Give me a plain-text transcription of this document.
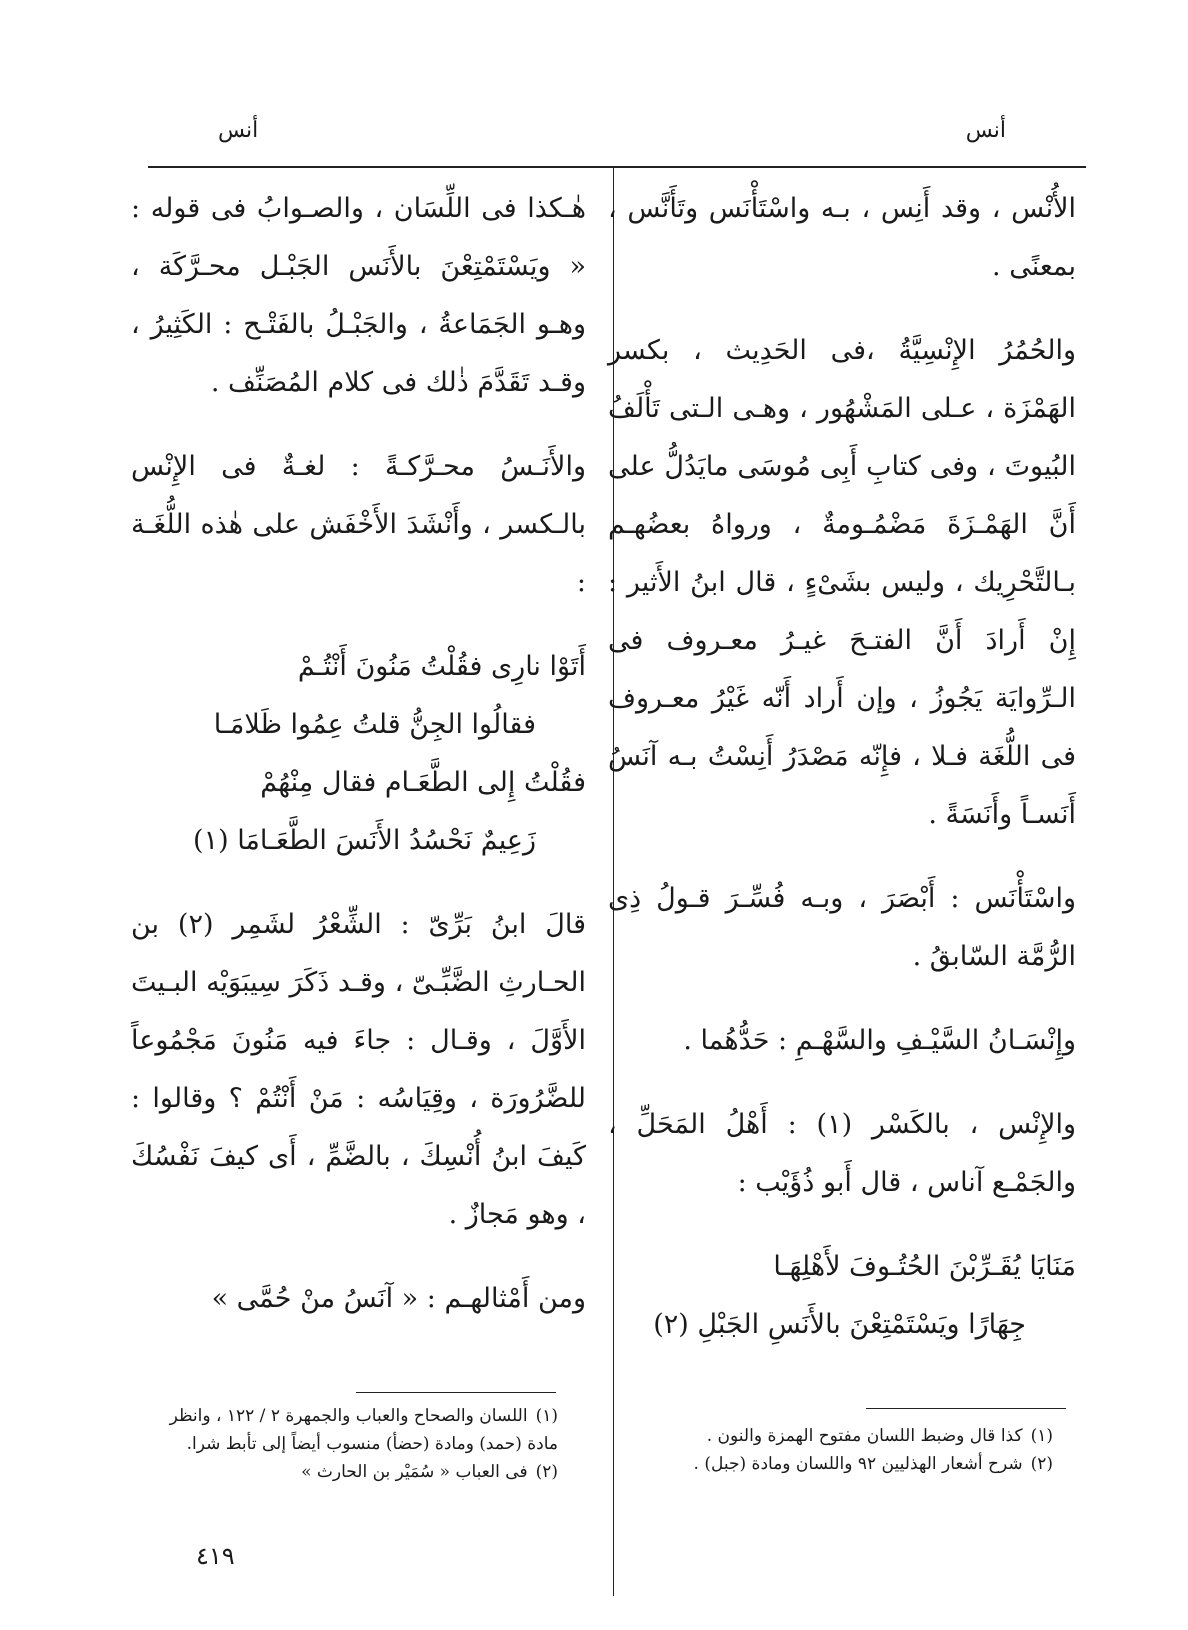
أنس
أنس

الأُنْس ، وقد أَنِس ، بـه واسْتَأْنَس وتَأَنَّس ، بمعنًى .

والحُمُرُ الإِنْسِيَّةُ ،فى الحَدِيث ، بكسر الهَمْزَة ، عـلى المَشْهُور ، وهـى الـتى تَأْلَفُ البُيوتَ ، وفى كتابِ أَبِى مُوسَى مايَدُلُّ على أَنَّ الهَمْـزَةَ مَضْمُـومةٌ ، ورواهُ بعضُهـم بـالتَّحْرِيك ، وليس بشَىْءٍ ، قال ابنُ الأَثير : إِنْ أَرادَ أَنَّ الفتـحَ غيـرُ معـروف فى الـرِّوايَة يَجُوزُ ، وإن أَراد أَنّه غَيْرُ معـروف فى اللُّغَة فـلا ، فإِنّه مَصْدَرُ أَنِسْتُ بـه آنَسُ أَنَسـاً وأَنَسَةً .

واسْتَأْنَس : أَبْصَرَ ، وبـه فُسِّـرَ قـولُ ذِى الرُّمَّة السّابقُ .

وإِنْسَـانُ السَّيْـفِ والسَّهْـمِ : حَدُّهُما .

والإِنْس ، بالكَسْر (١) : أَهْلُ المَحَلِّ ، والجَمْـع آناس ، قال أَبو ذُؤَيْب :

مَنَايَا يُقَـرِّبْنَ الحُتُـوفَ لأَهْلِهَـا
جِهَارًا ويَسْتَمْتِعْنَ بالأَنَسِ الجَبْلِ (٢)

هٰـكذا فى اللِّسَان ، والصـوابُ فى قوله : « ويَسْتَمْتِعْنَ بالأَنَس الجَبْـل محـرَّكَة ، وهـو الجَمَاعةُ ، والجَبْـلُ بالفَتْـح : الكَثِيرُ ، وقـد تَقَدَّمَ ذٰلك فى كلام المُصَنِّف .

والأَنَـسُ محـرَّكـةً : لغـةٌ فى الإِنْس بالـكسر ، وأَنْشَدَ الأَخْفَش على هٰذه اللُّغَـة :

أَتَوْا نارِى فقُلْتُ مَنُونَ أَنْتُـمْ
فقالُوا الجِنُّ قلتُ عِمُوا ظَلامَـا
فقُلْتُ إِلى الطَّعَـام فقال مِنْهُمْ
زَعِيمٌ نَحْسُدُ الأَنَسَ الطَّعَـامَا (١)

قالَ ابنُ بَرِّىّ : الشِّعْرُ لشَمِر (٢) بن الحـارثِ الضَّبِّـىّ ، وقـد ذَكَرَ سِيبَوَيْه البـيتَ الأَوَّلَ ، وقـال : جاءَ فيه مَنُونَ مَجْمُوعاً للضَّرُورَة ، وقِيَاسُه : مَنْ أَنْتُمْ ؟ وقالوا : كَيفَ ابنُ أُنْسِكَ ، بالضَّمِّ ، أَى كيفَ نَفْسُكَ ، وهو مَجازٌ .

ومن أَمْثالهـم : « آنَسُ منْ حُمَّى »

(١)كذا قال وضبط اللسان مفتوح الهمزة والنون .
(٢)شرح أشعار الهذليين ٩٢ واللسان ومادة (جبل) .
(١)اللسان والصحاح والعباب والجمهرة ٢ / ١٢٢ ، وانظر مادة (حمد) ومادة (حضأ) منسوب أيضاً إلى تأبط شرا.
(٢)فى العباب « سُمَيْر بن الحارث »
٤١٩
